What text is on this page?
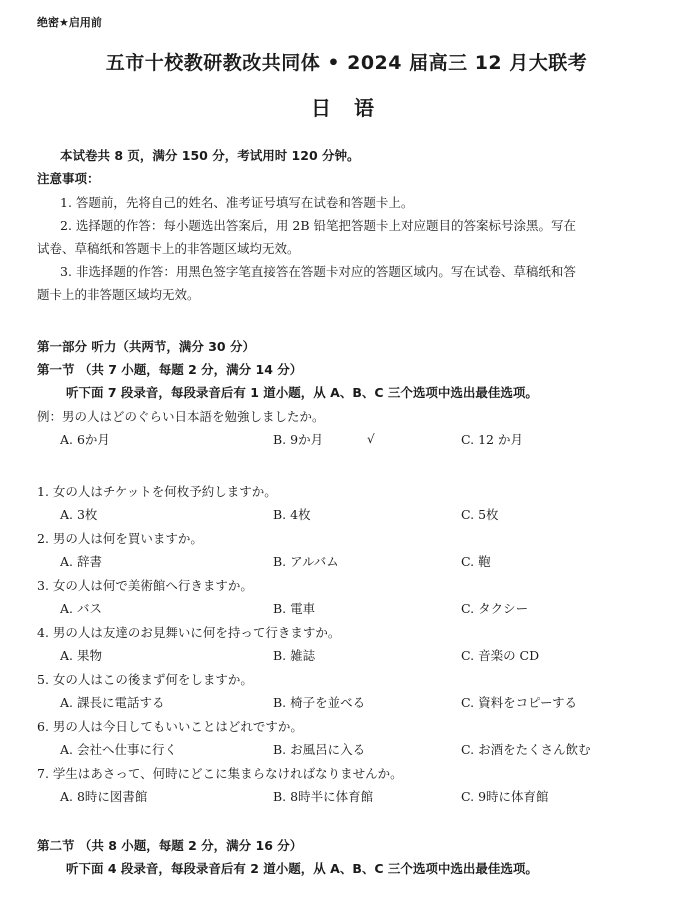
绝密★启用前
五市十校教研教改共同体 • 2024 届高三 12 月大联考
日 语
本试卷共 8 页，满分 150 分，考试用时 120 分钟。
注意事项：
1. 答题前，先将自己的姓名、准考证号填写在试卷和答题卡上。
2. 选择题的作答：每小题选出答案后，用 2B 铅笔把答题卡上对应题目的答案标号涂黑。写在
试卷、草稿纸和答题卡上的非答题区域均无效。
3. 非选择题的作答：用黑色签字笔直接答在答题卡对应的答题区域内。写在试卷、草稿纸和答
题卡上的非答题区域均无效。
第一部分 听力（共两节，满分 30 分）
第一节 （共 7 小题，每题 2 分，满分 14 分）
听下面 7 段录音，每段录音后有 1 道小题，从 A、B、C 三个选项中选出最佳选项。
例：男の人はどのぐらい日本語を勉強しましたか。
A. 6か月	B. 9か月	√	C. 12 か月
1. 女の人はチケットを何枚予約しますか。
A. 3枚	B. 4枚	C. 5枚
2. 男の人は何を買いますか。
A. 辞書	B. アルバム	C. 鞄
3. 女の人は何で美術館へ行きますか。
A. バス	B. 電車	C. タクシー
4. 男の人は友達のお見舞いに何を持って行きますか。
A. 果物	B. 雑誌	C. 音楽の CD
5. 女の人はこの後まず何をしますか。
A. 課長に電話する	B. 椅子を並べる	C. 資料をコピーする
6. 男の人は今日してもいいことはどれですか。
A. 会社へ仕事に行く	B. お風呂に入る	C. お酒をたくさん飲む
7. 学生はあさって、何時にどこに集まらなければなりませんか。
A. 8時に図書館	B. 8時半に体育館	C. 9時に体育館
第二节 （共 8 小题，每题 2 分，满分 16 分）
听下面 4 段录音，每段录音后有 2 道小题，从 A、B、C 三个选项中选出最佳选项。
